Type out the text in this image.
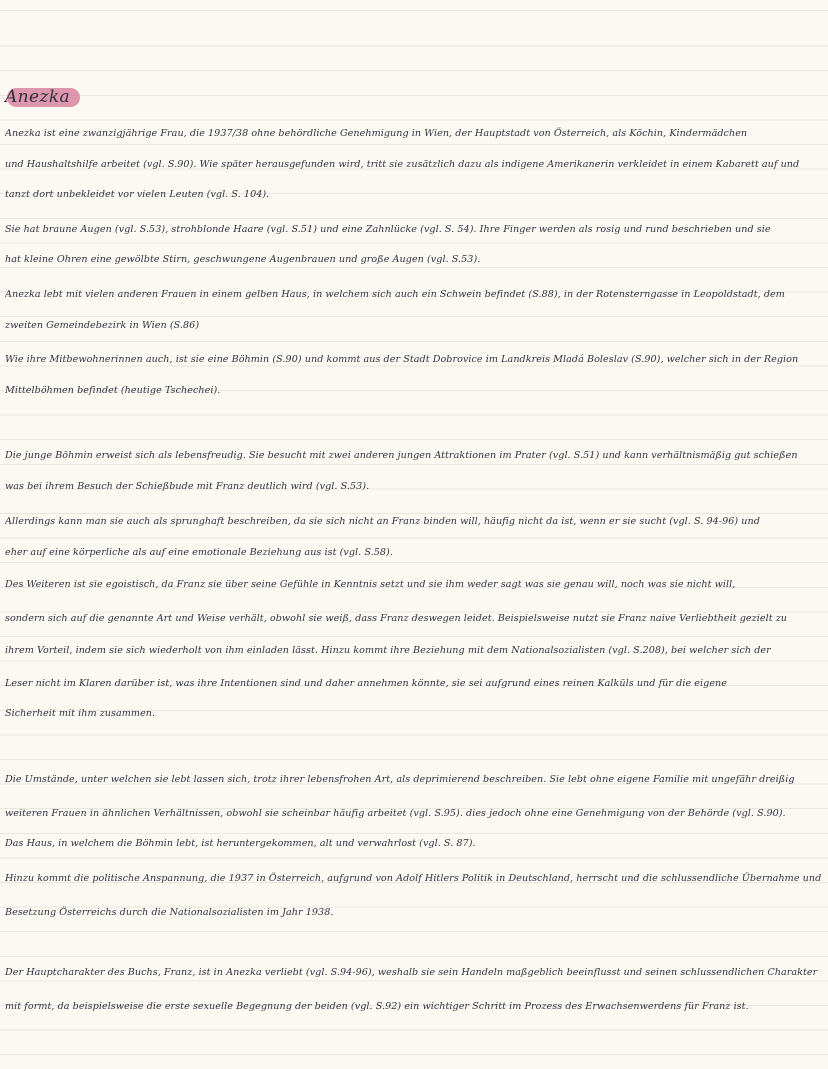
Anezka

Anezka ist eine zwanzigjährige Frau, die 1937/38 ohne behördliche Genehmigung in Wien, der Hauptstadt von Österreich, als Köchin, Kindermädchen

und Haushaltshilfe arbeitet (vgl. S.90). Wie später herausgefunden wird, tritt sie zusätzlich dazu als indigene Amerikanerin verkleidet in einem Kabarett auf und

tanzt dort unbekleidet vor vielen Leuten (vgl. S. 104).

Sie hat braune Augen (vgl. S.53), strohblonde Haare (vgl. S.51) und eine Zahnlücke (vgl. S. 54). Ihre Finger werden als rosig und rund beschrieben und sie

hat kleine Ohren eine gewölbte Stirn, geschwungene Augenbrauen und große Augen (vgl. S.53).

Anezka lebt mit vielen anderen Frauen in einem gelben Haus, in welchem sich auch ein Schwein befindet (S.88), in der Rotensterngasse in Leopoldstadt, dem

zweiten Gemeindebezirk in Wien (S.86)

Wie ihre Mitbewohnerinnen auch, ist sie eine Böhmin (S.90) und kommt aus der Stadt Dobrovice im Landkreis Mladá Boleslav (S.90), welcher sich in der Region

Mittelböhmen befindet (heutige Tschechei).

Die junge Böhmin erweist sich als lebensfreudig. Sie besucht mit zwei anderen jungen Attraktionen im Prater (vgl. S.51) und kann verhältnismäßig gut schießen

was bei ihrem Besuch der Schießbude mit Franz deutlich wird (vgl. S.53).

Allerdings kann man sie auch als sprunghaft beschreiben, da sie sich nicht an Franz binden will, häufig nicht da ist, wenn er sie sucht (vgl. S. 94-96) und

eher auf eine körperliche als auf eine emotionale Beziehung aus ist (vgl. S.58).

Des Weiteren ist sie egoistisch, da Franz sie über seine Gefühle in Kenntnis setzt und sie ihm weder sagt was sie genau will, noch was sie nicht will,

sondern sich auf die genannte Art und Weise verhält, obwohl sie weiß, dass Franz deswegen leidet. Beispielsweise nutzt sie Franz naive Verliebtheit gezielt zu

ihrem Vorteil, indem sie sich wiederholt von ihm einladen lässt. Hinzu kommt ihre Beziehung mit dem Nationalsozialisten (vgl. S.208), bei welcher sich der

Leser nicht im Klaren darüber ist, was ihre Intentionen sind und daher annehmen könnte, sie sei aufgrund eines reinen Kalküls und für die eigene

Sicherheit mit ihm zusammen.

Die Umstände, unter welchen sie lebt lassen sich, trotz ihrer lebensfrohen Art, als deprimierend beschreiben. Sie lebt ohne eigene Familie mit ungefähr dreißig

weiteren Frauen in ähnlichen Verhältnissen, obwohl sie scheinbar häufig arbeitet (vgl. S.95). dies jedoch ohne eine Genehmigung von der Behörde (vgl. S.90).

Das Haus, in welchem die Böhmin lebt, ist heruntergekommen, alt und verwahrlost (vgl. S. 87).

Hinzu kommt die politische Anspannung, die 1937 in Österreich, aufgrund von Adolf Hitlers Politik in Deutschland, herrscht und die schlussendliche Übernahme und

Besetzung Österreichs durch die Nationalsozialisten im Jahr 1938.

Der Hauptcharakter des Buchs, Franz, ist in Anezka verliebt (vgl. S.94-96), weshalb sie sein Handeln maßgeblich beeinflusst und seinen schlussendlichen Charakter

mit formt, da beispielsweise die erste sexuelle Begegnung der beiden (vgl. S.92) ein wichtiger Schritt im Prozess des Erwachsenwerdens für Franz ist.
